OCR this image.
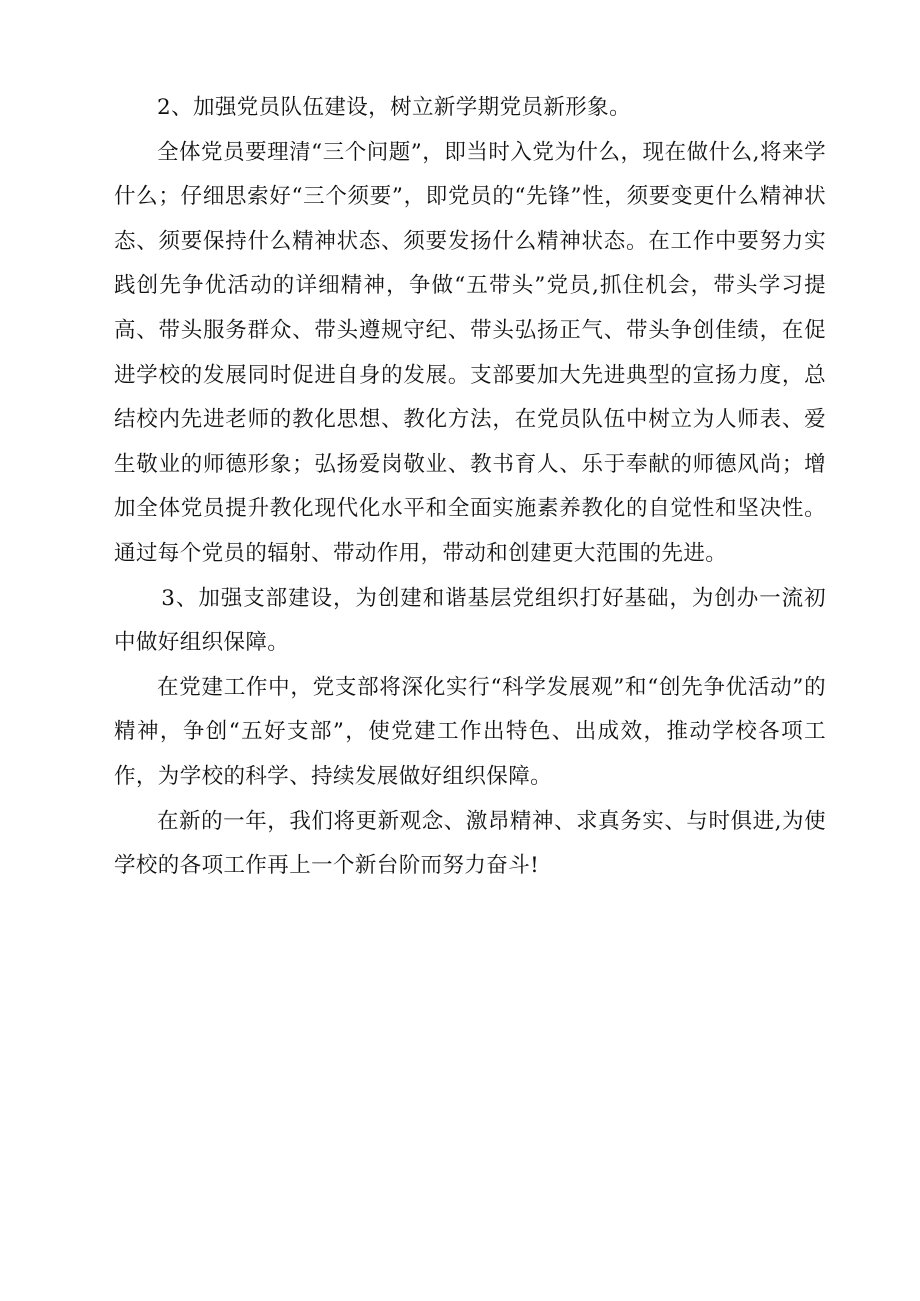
2、加强党员队伍建设，树立新学期党员新形象。

全体党员要理清“三个问题”，即当时入党为什么，现在做什么,将来学什么；仔细思索好“三个须要”，即党员的“先锋”性，须要变更什么精神状态、须要保持什么精神状态、须要发扬什么精神状态。在工作中要努力实践创先争优活动的详细精神，争做“五带头”党员,抓住机会，带头学习提高、带头服务群众、带头遵规守纪、带头弘扬正气、带头争创佳绩，在促进学校的发展同时促进自身的发展。支部要加大先进典型的宣扬力度，总结校内先进老师的教化思想、教化方法，在党员队伍中树立为人师表、爱生敬业的师德形象；弘扬爱岗敬业、教书育人、乐于奉献的师德风尚；增加全体党员提升教化现代化水平和全面实施素养教化的自觉性和坚决性。通过每个党员的辐射、带动作用，带动和创建更大范围的先进。

3、加强支部建设，为创建和谐基层党组织打好基础，为创办一流初中做好组织保障。

在党建工作中，党支部将深化实行“科学发展观”和“创先争优活动”的精神，争创“五好支部”，使党建工作出特色、出成效，推动学校各项工作，为学校的科学、持续发展做好组织保障。

在新的一年，我们将更新观念、激昂精神、求真务实、与时俱进,为使学校的各项工作再上一个新台阶而努力奋斗!
